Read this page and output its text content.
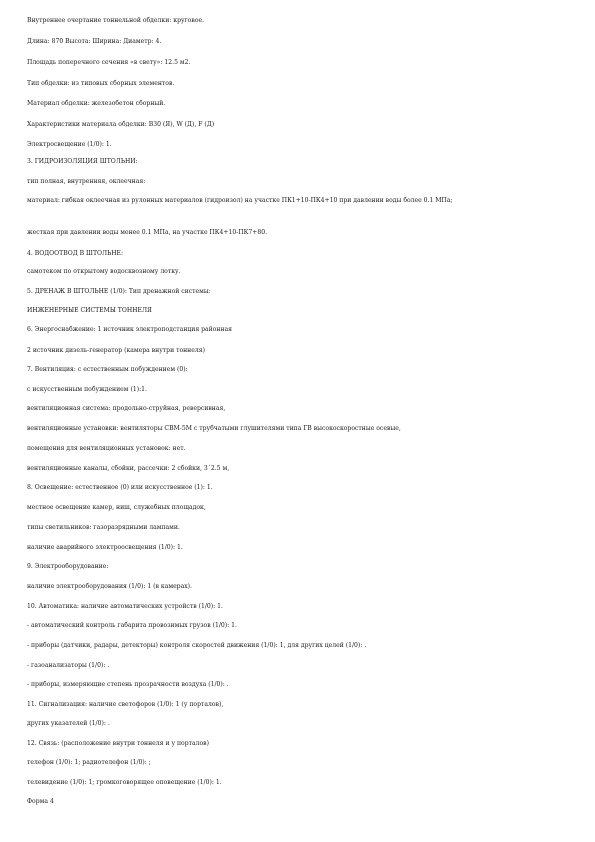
Внутреннее очертание тоннельной обделки: круговое.
Длина: 870 Высота: Ширина: Диаметр: 4.
Площадь поперечного сечения «в свету»: 12.5 м2.
Тип обделки: из типовых сборных элементов.
Материал обделки: железобетон сборный.
Характеристики материала обделки: В30 (Я), W (Д), F (Д)
Электросвещение (1/0): 1.
3. ГИДРОИЗОЛЯЦИЯ ШТОЛЬНИ:
тип полная, внутренняя, оклеечная:
материал: гибкая оклеечная из рулонных материалов (гидроизол) на участке ПК1+10-ПК4+10 при давлении воды более 0.1 МПа;
жесткая при давлении воды менее 0.1 МПа, на участке ПК4+10-ПК7+80.
4. ВОДООТВОД В ШТОЛЬНЕ:
самотеком по открытому водосквозному лотку.
5. ДРЕНАЖ В ШТОЛЬНЕ (1/0): Тип дренажной системы:
ИНЖЕНЕРНЫЕ СИСТЕМЫ ТОННЕЛЯ
6. Энергоснабжение: 1 источник электроподстанция районная
2 источник дизель-генератор (камера внутри тоннеля)
7. Вентиляция: с естественным побуждением (0):
с искусственным побуждением (1):1.
вентиляционная система: продольно-струйная, реверсивная,
вентиляционные установки: вентиляторы СВМ-5М с трубчатыми глушителями типа ГВ высокоскоростные осевые,
помещения для вентиляционных установок: нет.
вентиляционные каналы, сбойки, рассечки: 2 сбойки, 3´2.5 м,
8. Освещение: естественное (0) или искусственное (1): 1.
местное освещение камер, ниш, служебных площадок,
типы светильников: газоразрядными лампами.
наличие аварийного электроосвещения (1/0): 1.
9. Электрооборудование:
наличие электрооборудования (1/0): 1 (в камерах).
10. Автоматика: наличие автоматических устройств (1/0): 1.
- автоматический контроль габарита провозимых грузов (1/0): 1.
- приборы (датчики, радары, детекторы) контроля скоростей движения (1/0): 1, для других целей (1/0): .
- газоанализаторы (1/0): .
- приборы, измеряющие степень прозрачности воздуха (1/0): .
11. Сигнализация: наличие светофоров (1/0): 1 (у порталов),
других указателей (1/0): .
12. Связь: (расположение внутри тоннеля и у порталов)
телефон (1/0): 1; радиотелефон (1/0): ;
телевидение (1/0): 1; громкоговорящее оповещение (1/0): 1.
Форма 4
